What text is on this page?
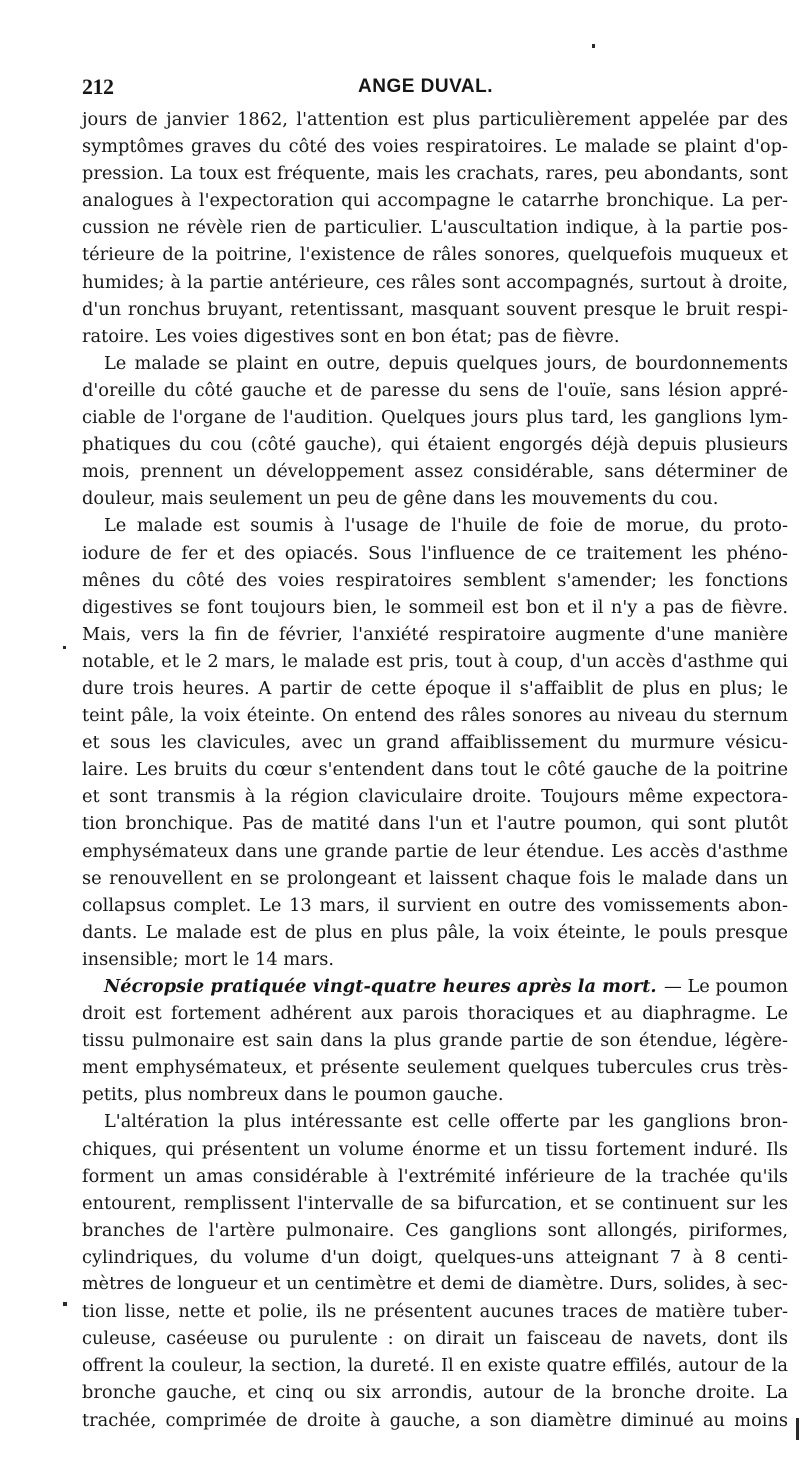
212	ANGE DUVAL.
jours de janvier 1862, l'attention est plus particulièrement appelée par des
symptômes graves du côté des voies respiratoires. Le malade se plaint d'op-
pression. La toux est fréquente, mais les crachats, rares, peu abondants, sont
analogues à l'expectoration qui accompagne le catarrhe bronchique. La per-
cussion ne révèle rien de particulier. L'auscultation indique, à la partie pos-
térieure de la poitrine, l'existence de râles sonores, quelquefois muqueux et
humides; à la partie antérieure, ces râles sont accompagnés, surtout à droite,
d'un ronchus bruyant, retentissant, masquant souvent presque le bruit respi-
ratoire. Les voies digestives sont en bon état; pas de fièvre.
Le malade se plaint en outre, depuis quelques jours, de bourdonnements
d'oreille du côté gauche et de paresse du sens de l'ouïe, sans lésion appré-
ciable de l'organe de l'audition. Quelques jours plus tard, les ganglions lym-
phatiques du cou (côté gauche), qui étaient engorgés déjà depuis plusieurs
mois, prennent un développement assez considérable, sans déterminer de
douleur, mais seulement un peu de gêne dans les mouvements du cou.
Le malade est soumis à l'usage de l'huile de foie de morue, du proto-
iodure de fer et des opiacés. Sous l'influence de ce traitement les phéno-
mênes du côté des voies respiratoires semblent s'amender; les fonctions
digestives se font toujours bien, le sommeil est bon et il n'y a pas de fièvre.
Mais, vers la fin de février, l'anxiété respiratoire augmente d'une manière
notable, et le 2 mars, le malade est pris, tout à coup, d'un accès d'asthme qui
dure trois heures. A partir de cette époque il s'affaiblit de plus en plus; le
teint pâle, la voix éteinte. On entend des râles sonores au niveau du sternum
et sous les clavicules, avec un grand affaiblissement du murmure vésicu-
laire. Les bruits du cœur s'entendent dans tout le côté gauche de la poitrine
et sont transmis à la région claviculaire droite. Toujours même expectora-
tion bronchique. Pas de matité dans l'un et l'autre poumon, qui sont plutôt
emphysémateux dans une grande partie de leur étendue. Les accès d'asthme
se renouvellent en se prolongeant et laissent chaque fois le malade dans un
collapsus complet. Le 13 mars, il survient en outre des vomissements abon-
dants. Le malade est de plus en plus pâle, la voix éteinte, le pouls presque
insensible; mort le 14 mars.
Nécropsie pratiquée vingt-quatre heures après la mort. — Le poumon
droit est fortement adhérent aux parois thoraciques et au diaphragme. Le
tissu pulmonaire est sain dans la plus grande partie de son étendue, légère-
ment emphysémateux, et présente seulement quelques tubercules crus très-
petits, plus nombreux dans le poumon gauche.
L'altération la plus intéressante est celle offerte par les ganglions bron-
chiques, qui présentent un volume énorme et un tissu fortement induré. Ils
forment un amas considérable à l'extrémité inférieure de la trachée qu'ils
entourent, remplissent l'intervalle de sa bifurcation, et se continuent sur les
branches de l'artère pulmonaire. Ces ganglions sont allongés, piriformes,
cylindriques, du volume d'un doigt, quelques-uns atteignant 7 à 8 centi-
mètres de longueur et un centimètre et demi de diamètre. Durs, solides, à sec-
tion lisse, nette et polie, ils ne présentent aucunes traces de matière tuber-
culeuse, caséeuse ou purulente : on dirait un faisceau de navets, dont ils
offrent la couleur, la section, la dureté. Il en existe quatre effilés, autour de la
bronche gauche, et cinq ou six arrondis, autour de la bronche droite. La
trachée, comprimée de droite à gauche, a son diamètre diminué au moins
